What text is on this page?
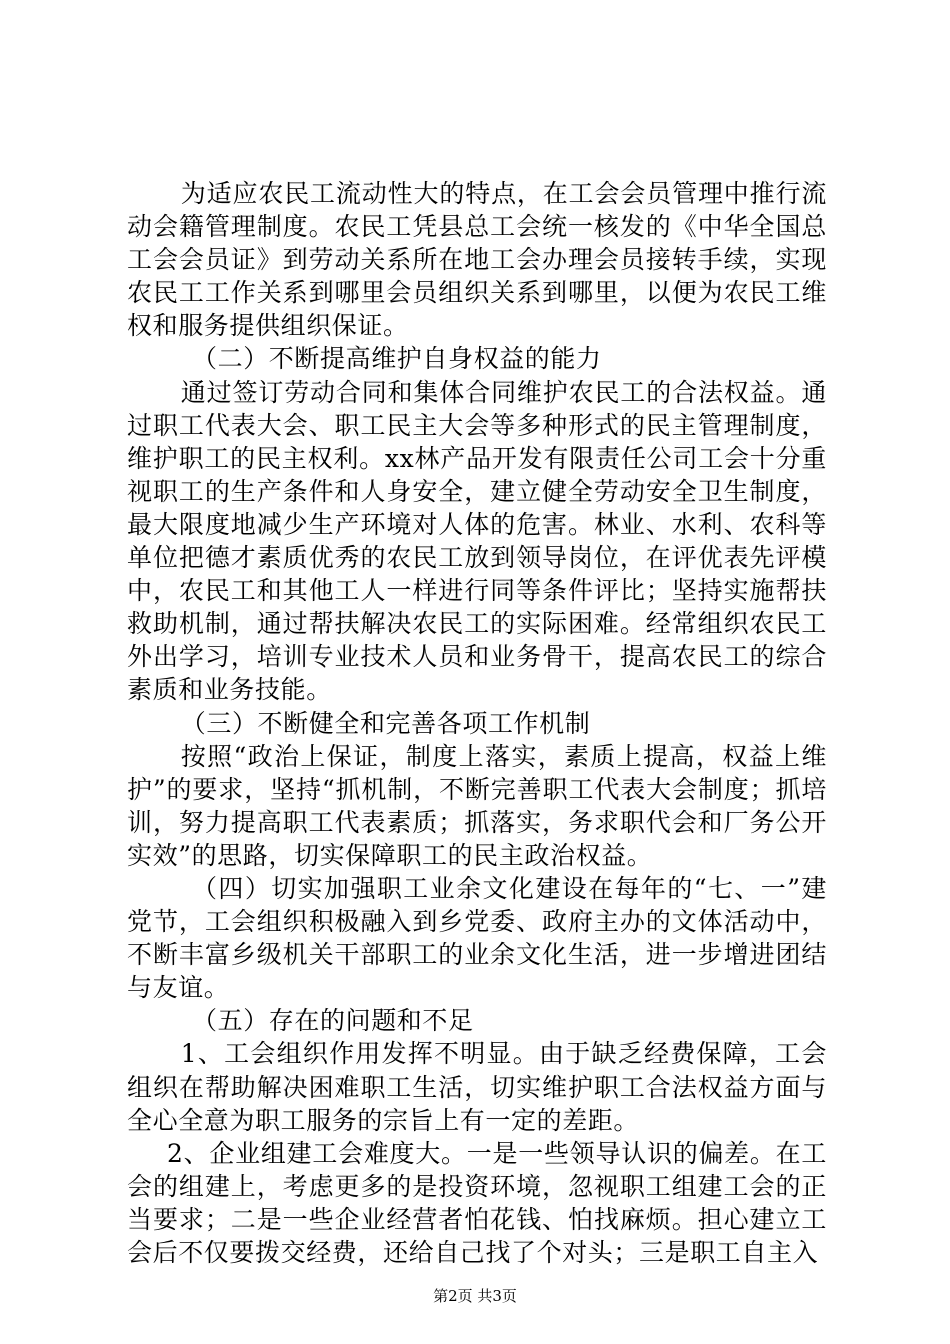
为适应农民工流动性大的特点，在工会会员管理中推行流动会籍管理制度。农民工凭县总工会统一核发的《中华全国总工会会员证》到劳动关系所在地工会办理会员接转手续，实现农民工工作关系到哪里会员组织关系到哪里，以便为农民工维权和服务提供组织保证。

（二）不断提高维护自身权益的能力

通过签订劳动合同和集体合同维护农民工的合法权益。通过职工代表大会、职工民主大会等多种形式的民主管理制度，维护职工的民主权利。xx林产品开发有限责任公司工会十分重视职工的生产条件和人身安全，建立健全劳动安全卫生制度，最大限度地减少生产环境对人体的危害。林业、水利、农科等单位把德才素质优秀的农民工放到领导岗位，在评优表先评模中，农民工和其他工人一样进行同等条件评比；坚持实施帮扶救助机制，通过帮扶解决农民工的实际困难。经常组织农民工外出学习，培训专业技术人员和业务骨干，提高农民工的综合素质和业务技能。

（三）不断健全和完善各项工作机制

按照“政治上保证，制度上落实，素质上提高，权益上维护”的要求，坚持“抓机制，不断完善职工代表大会制度；抓培训，努力提高职工代表素质；抓落实，务求职代会和厂务公开实效”的思路，切实保障职工的民主政治权益。

（四）切实加强职工业余文化建设在每年的“七、一”建党节，工会组织积极融入到乡党委、政府主办的文体活动中，不断丰富乡级机关干部职工的业余文化生活，进一步增进团结与友谊。

（五）存在的问题和不足

1、工会组织作用发挥不明显。由于缺乏经费保障，工会组织在帮助解决困难职工生活，切实维护职工合法权益方面与全心全意为职工服务的宗旨上有一定的差距。

2、企业组建工会难度大。一是一些领导认识的偏差。在工会的组建上，考虑更多的是投资环境，忽视职工组建工会的正当要求；二是一些企业经营者怕花钱、怕找麻烦。担心建立工会后不仅要拨交经费，还给自己找了个对头；三是职工自主入

第2页 共3页
